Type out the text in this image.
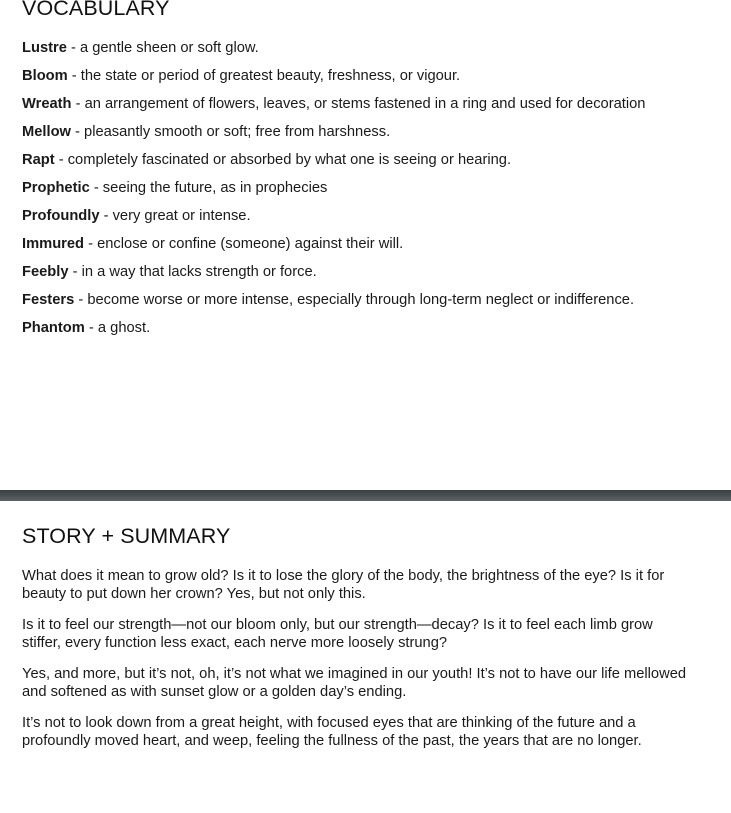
VOCABULARY
Lustre - a gentle sheen or soft glow.
Bloom - the state or period of greatest beauty, freshness, or vigour.
Wreath - an arrangement of flowers, leaves, or stems fastened in a ring and used for decoration
Mellow - pleasantly smooth or soft; free from harshness.
Rapt - completely fascinated or absorbed by what one is seeing or hearing.
Prophetic - seeing the future, as in prophecies
Profoundly - very great or intense.
Immured - enclose or confine (someone) against their will.
Feebly - in a way that lacks strength or force.
Festers - become worse or more intense, especially through long-term neglect or indifference.
Phantom - a ghost.
STORY + SUMMARY

What does it mean to grow old? Is it to lose the glory of the body, the brightness of the eye? Is it for beauty to put down her crown? Yes, but not only this.

Is it to feel our strength—not our bloom only, but our strength—decay? Is it to feel each limb grow stiffer, every function less exact, each nerve more loosely strung?

Yes, and more, but it’s not, oh, it’s not what we imagined in our youth! It’s not to have our life mellowed and softened as with sunset glow or a golden day’s ending.

It’s not to look down from a great height, with focused eyes that are thinking of the future and a profoundly moved heart, and weep, feeling the fullness of the past, the years that are no longer.
